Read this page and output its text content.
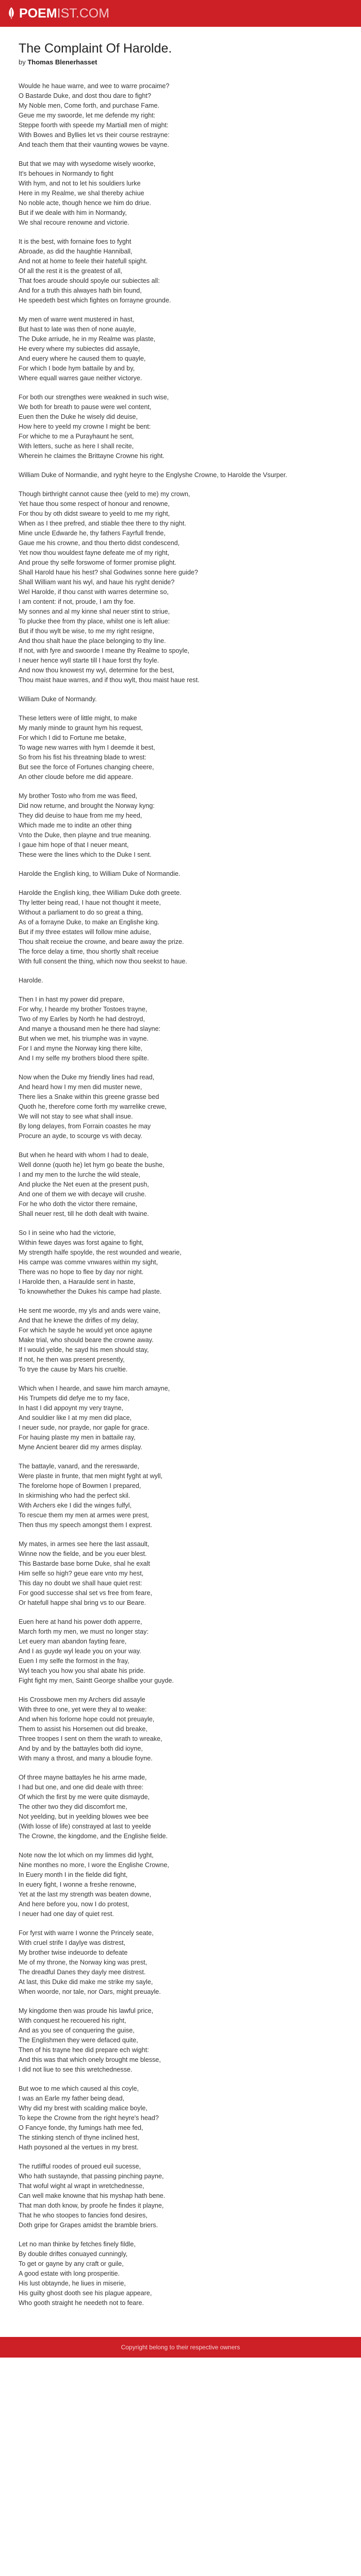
POEMIST.COM
The Complaint Of Harolde.
by Thomas Blenerhasset

Woulde he haue warre, and wee to warre procaime?
O Bastarde Duke, and dost thou dare to fight?
My Noble men, Come forth, and purchase Fame.
Geue me my swoorde, let me defende my right:
Steppe foorth with speede my Martiall men of might:
With Bowes and Byllies let vs their course restrayne:
And teach them that their vaunting wowes be vayne.

But that we may with wysedome wisely woorke,
It's behoues in Normandy to fight
With hym, and not to let his souldiers lurke
Here in my Realme, we shal thereby achiue
No noble acte, though hence we him do driue.
But if we deale with him in Normandy,
We shal recoure renowne and victorie.

It is the best, with fornaine foes to fyght
Abroade, as did the haughtie Hanniball,
And not at home to feele their hatefull spight.
Of all the rest it is the greatest of all,
That foes aroude should spoyle our subiectes all:
And for a truth this alwayes hath bin found,
He speedeth best which fightes on forrayne grounde.

My men of warre went mustered in hast,
But hast to late was then of none auayle,
The Duke arriude, he in my Realme was plaste,
He every where my subiectes did assayle,
And euery where he caused them to quayle,
For which I bode hym battaile by and by,
Where equall warres gaue neither victorye.

For both our strengthes were weakned in such wise,
We both for breath to pause were wel content,
Euen then the Duke he wisely did deuise,
How here to yeeld my crowne I might be bent:
For whiche to me a Purayhaunt he sent,
With letters, suche as here I shall recite,
Wherein he claimes the Brittayne Crowne his right.

William Duke of Normandie, and ryght heyre to the Englyshe Crowne, to Harolde the Vsurper.

Though birthright cannot cause thee (yeld to me) my crown,
Yet haue thou some respect of honour and renowne,
For thou by oth didst sweare to yeeld to me my right,
When as I thee prefred, and stiable thee there to thy night.
Mine uncle Edwarde he, thy fathers Fayrfull frende,
Gaue me his crowne, and thou therto didst condescend,
Yet now thou wouldest fayne defeate me of my right,
And proue thy selfe forswome of former promise plight.
Shall Harold haue his hest? shal Godwines sonne here guide?
Shall William want his wyl, and haue his ryght denide?
Wel Harolde, if thou canst with warres determine so,
I am content: if not, proude, I am thy foe.
My sonnes and al my kinne shal neuer stint to striue,
To plucke thee from thy place, whilst one is left aliue:
But if thou wylt be wise, to me my right resigne,
And thou shalt haue the place belonging to thy line.
If not, with fyre and swoorde I meane thy Realme to spoyle,
I neuer hence wyll starte till I haue forst thy foyle.
And now thou knowest my wyl, determine for the best,
Thou maist haue warres, and if thou wylt, thou maist haue rest.

William Duke of Normandy.

These letters were of little might, to make
My manly minde to graunt hym his request,
For which I did to Fortune me betake,
To wage new warres with hym I deemde it best,
So from his fist his threatning blade to wrest:
But see the force of Fortunes changing cheere,
An other cloude before me did appeare.

My brother Tosto who from me was fleed,
Did now returne, and brought the Norway kyng:
They did deuise to haue from me my heed,
Which made me to indite an other thing
Vnto the Duke, then playne and true meaning.
I gaue him hope of that I neuer meant,
These were the lines which to the Duke I sent.

Harolde the English king, to William Duke of Normandie.

Harolde the English king, thee William Duke doth greete.
Thy letter being read, I haue not thought it meete,
Without a parliament to do so great a thing,
As of a forrayne Duke, to make an Englishe king.
But if my three estates will follow mine aduise,
Thou shalt receiue the crowne, and beare away the prize.
The force delay a time, thou shortly shalt receiue
With full consent the thing, which now thou seekst to haue.

Harolde.

Then I in hast my power did prepare,
For why, I hearde my brother Tostoes trayne,
Two of my Earles by North he had destroyd,
And manye a thousand men he there had slayne:
But when we met, his triumphe was in vayne.
For I and myne the Norway king there kilte,
And I my selfe my brothers blood there spilte.

Now when the Duke my friendly lines had read,
And heard how I my men did muster newe,
There lies a Snake within this greene grasse bed
Quoth he, therefore come forth my warrelike crewe,
We will not stay to see what shall insue.
By long delayes, from Forrain coastes he may
Procure an ayde, to scourge vs with decay.

But when he heard with whom I had to deale,
Well donne (quoth he) let hym go beate the bushe,
I and my men to the lurche the wild steale,
And plucke the Net euen at the present push,
And one of them we with decaye will crushe.
For he who doth the victor there remaine,
Shall neuer rest, till he doth dealt with twaine.

So I in seine who had the victorie,
Within fewe dayes was forst againe to fight,
My strength halfe spoylde, the rest wounded and wearie,
His campe was comme vnwares within my sight,
There was no hope to flee by day nor night.
I Harolde then, a Haraulde sent in haste,
To knowwhether the Dukes his campe had plaste.

He sent me woorde, my yls and ands were vaine,
And that he knewe the drifles of my delay,
For which he sayde he would yet once agayne
Make trial, who should beare the crowne away.
If I would yelde, he sayd his men should stay,
If not, he then was present presently,
To trye the cause by Mars his crueltie.

Which when I hearde, and sawe him march amayne,
His Trumpets did defye me to my face,
In hast I did appoynt my very trayne,
And souldier like I at my men did place,
I neuer sude, nor prayde, nor gaple for grace.
For hauing plaste my men in battaile ray,
Myne Ancient bearer did my armes display.

The battayle, vanard, and the rereswarde,
Were plaste in frunte, that men might fyght at wyll,
The forelorne hope of Bowmen I prepared,
In skirmishing who had the perfect skil.
With Archers eke I did the winges fulfyl,
To rescue them my men at armes were prest,
Then thus my speech amongst them I exprest.

My mates, in armes see here the last assault,
Winne now the fielde, and be you euer blest.
This Bastarde base borne Duke, shal he exalt
Him selfe so high? geue eare vnto my hest,
This day no doubt we shall haue quiet rest:
For good successe shal set vs free from feare,
Or hatefull happe shal bring vs to our Beare.

Euen here at hand his power doth apperre,
March forth my men, we must no longer stay:
Let euery man abandon fayting feare,
And I as guyde wyl leade you on your way.
Euen I my selfe the formost in the fray,
Wyl teach you how you shal abate his pride.
Fight fight my men, Saintt George shallbe your guyde.

His Crossbowe men my Archers did assayle
With three to one, yet were they al to weake:
And when his forlorne hope could not preuayle,
Them to assist his Horsemen out did breake,
Three troopes I sent on them the wrath to wreake,
And by and by the battayles both did ioyne,
With many a throst, and many a bloudie foyne.

Of three mayne battayles he his arme made,
I had but one, and one did deale with three:
Of which the first by me were quite dismayde,
The other two they did discomfort me,
Not yeelding, but in yeelding blowes wee bee
(With losse of life) constrayed at last to yeelde
The Crowne, the kingdome, and the Englishe fielde.

Note now the lot which on my limmes did lyght,
Nine monthes no more, I wore the Englishe Crowne,
In Euery month I in the fielde did fight,
In euery fight, I wonne a freshe renowne,
Yet at the last my strength was beaten downe,
And here before you, now I do protest,
I neuer had one day of quiet rest.

For fyrst with warre I wonne the Princely seate,
With cruel strife I daylye was distrest,
My brother twise indeuorde to defeate
Me of my throne, the Norway king was prest,
The dreadful Danes they dayly mee distrest.
At last, this Duke did make me strike my sayle,
When woorde, nor tale, nor Oars, might preuayle.

My kingdome then was proude his lawful price,
With conquest he recouered his right,
And as you see of conquering the guise,
The Englishmen they were defaced quite,
Then of his trayne hee did prepare ech wight:
And this was that which onely brought me blesse,
I did not liue to see this wretchednesse.

But woe to me which caused al this coyle,
I was an Earle my father being dead,
Why did my brest with scalding malice boyle,
To kepe the Crowne from the right heyre's head?
O Fancye fonde, thy fumings hath mee fed,
The stinking stench of thyne inclined hest,
Hath poysoned al the vertues in my brest.

The rutlifful roodes of proued euil sucesse,
Who hath sustaynde, that passing pinching payne,
That woful wight al wrapt in wretchednesse,
Can well make knowne that his myshap hath bene.
That man doth know, by proofe he findes it playne,
That he who stoopes to fancies fond desires,
Doth gripe for Grapes amidst the bramble briers.

Let no man thinke by fetches finely fildle,
By double driftes conuayed cunningly,
To get or gayne by any craft or guile,
A good estate with long prosperitie.
His lust obtaynde, he liues in miserie,
His guilty ghost dooth see his plague appeare,
Who gooth straight he needeth not to feare.

Copyright belong to their respective owners
